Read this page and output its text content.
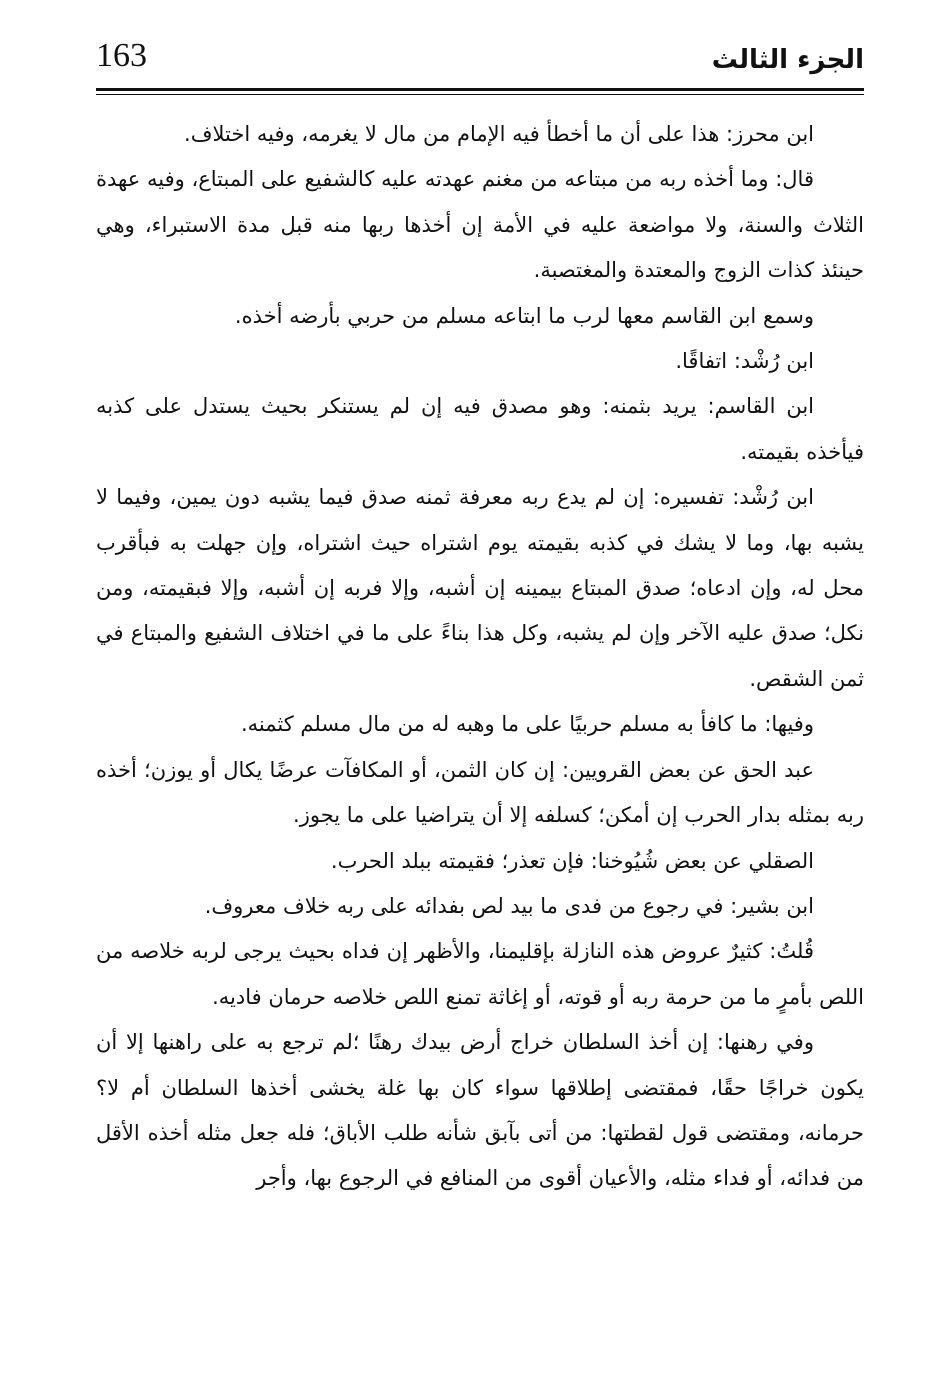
163	الجزء الثالث

ابن محرز: هذا على أن ما أخطأ فيه الإمام من مال لا يغرمه، وفيه اختلاف.

قال: وما أخذه ربه من مبتاعه من مغنم عهدته عليه كالشفيع على المبتاع، وفيه عهدة الثلاث والسنة، ولا مواضعة عليه في الأمة إن أخذها ربها منه قبل مدة الاستبراء، وهي حينئذ كذات الزوج والمعتدة والمغتصبة.

وسمع ابن القاسم معها لرب ما ابتاعه مسلم من حربي بأرضه أخذه.

ابن رُشْد: اتفاقًا.

ابن القاسم: يريد بثمنه: وهو مصدق فيه إن لم يستنكر بحيث يستدل على كذبه فيأخذه بقيمته.

ابن رُشْد: تفسيره: إن لم يدع ربه معرفة ثمنه صدق فيما يشبه دون يمين، وفيما لا يشبه بها، وما لا يشك في كذبه بقيمته يوم اشتراه حيث اشتراه، وإن جهلت به فبأقرب محل له، وإن ادعاه؛ صدق المبتاع بيمينه إن أشبه، وإلا فربه إن أشبه، وإلا فبقيمته، ومن نكل؛ صدق عليه الآخر وإن لم يشبه، وكل هذا بناءً على ما في اختلاف الشفيع والمبتاع في ثمن الشقص.

وفيها: ما كافأ به مسلم حربيًا على ما وهبه له من مال مسلم كثمنه.

عبد الحق عن بعض القرويين: إن كان الثمن، أو المكافآت عرضًا يكال أو يوزن؛ أخذه ربه بمثله بدار الحرب إن أمكن؛ كسلفه إلا أن يتراضيا على ما يجوز.

الصقلي عن بعض شُيُوخنا: فإن تعذر؛ فقيمته ببلد الحرب.

ابن بشير: في رجوع من فدى ما بيد لص بفدائه على ربه خلاف معروف.

قُلتُ: كثيرٌ عروض هذه النازلة بإقليمنا، والأظهر إن فداه بحيث يرجى لربه خلاصه من اللص بأمرٍ ما من حرمة ربه أو قوته، أو إغاثة تمنع اللص خلاصه حرمان فاديه.

وفي رهنها: إن أخذ السلطان خراج أرض بيدك رهنًا ؛لم ترجع به على راهنها إلا أن يكون خراجًا حقًا، فمقتضى إطلاقها سواء كان بها غلة يخشى أخذها السلطان أم لا؟ حرمانه، ومقتضى قول لقطتها: من أتى بآبق شأنه طلب الأباق؛ فله جعل مثله أخذه الأقل من فدائه، أو فداء مثله، والأعيان أقوى من المنافع في الرجوع بها، وأجر
